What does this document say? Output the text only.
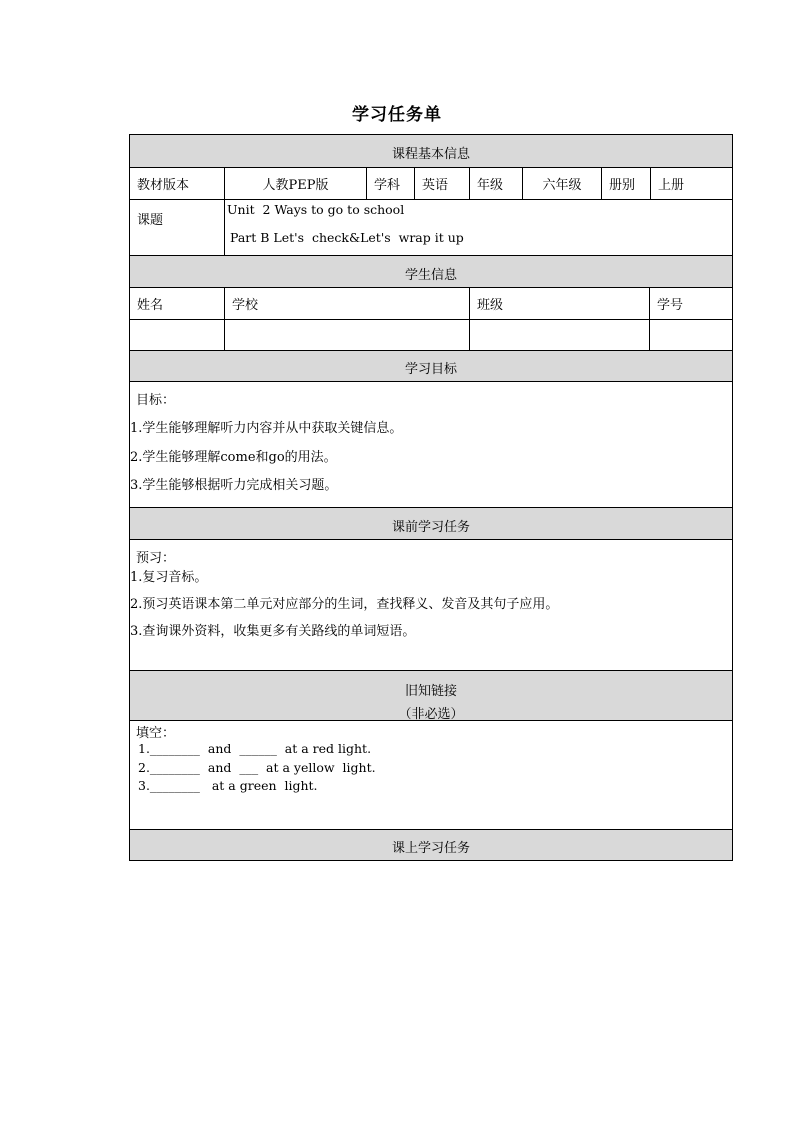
学习任务单
课程基本信息
教材版本	人教PEP版	学科	英语	年级	六年级	册别	上册
课题
Unit  2 Ways to go to school
Part B Let's  check&Let's  wrap it up
学生信息
姓名	学校	班级	学号
学习目标
目标：
1.学生能够理解听力内容并从中获取关键信息。
2.学生能够理解come和go的用法。
3.学生能够根据听力完成相关习题。
课前学习任务
预习：
1.复习音标。
2.预习英语课本第二单元对应部分的生词，查找释义、发音及其句子应用。
3.查询课外资料，收集更多有关路线的单词短语。
旧知链接
（非必选）
填空：
1.________  and  ______  at a red light.
2.________  and  ___  at a yellow  light.
3.________   at a green  light.
课上学习任务
